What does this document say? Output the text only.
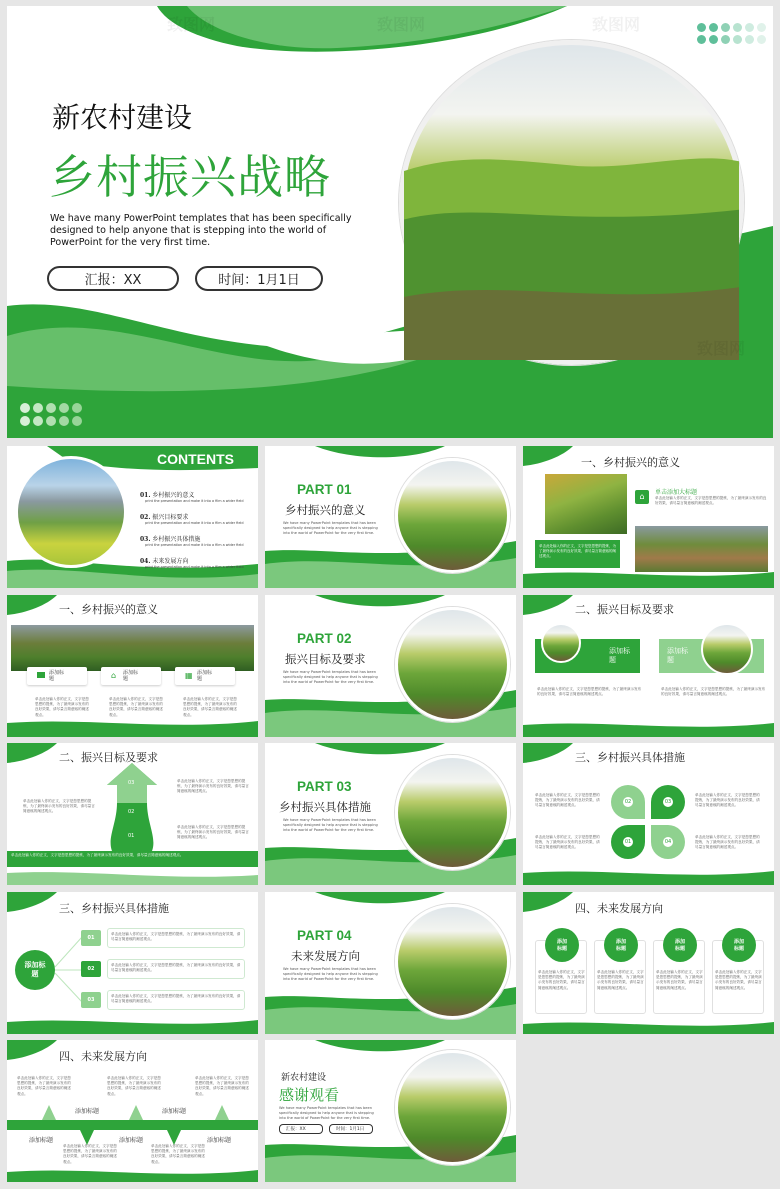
新农村建设
乡村振兴战略
We have many PowerPoint templates that has been specifically designed to help anyone that is stepping into the world of PowerPoint for the very first time.
汇报：XX	时间：1月1日
致图网
CONTENTS
01. 乡村振兴的意义
print the presentation and make it into a film a wider field
02. 振兴目标要求
print the presentation and make it into a film a wider field
03. 乡村振兴具体措施
print the presentation and make it into a film a wider field
04. 未来发展方向
print the presentation and make it into a film a wider field
PART 01
乡村振兴的意义
We have many PowerPoint templates that has been specifically designed to help anyone that is stepping into the world of PowerPoint for the very first time.
一、乡村振兴的意义
单击此处输入你的正文，文字是您思想的提炼，为了最终演示发布的良好效果，请尽量言简意赅的阐述观点。
⌂	单击添加大标题
单击此处输入你的正文，文字是您思想的提炼，为了最终演示发布的良好效果，请尽量言简意赅的阐述观点。
一、乡村振兴的意义
添加标题	⌂ 添加标题	▦ 添加标题
单击此处输入你的正文，文字是您思想的提炼，为了最终演示发布的良好效果，请尽量言简意赅的阐述观点。
单击此处输入你的正文，文字是您思想的提炼，为了最终演示发布的良好效果，请尽量言简意赅的阐述观点。
单击此处输入你的正文，文字是您思想的提炼，为了最终演示发布的良好效果，请尽量言简意赅的阐述观点。
PART 02
振兴目标及要求
We have many PowerPoint templates that has been specifically designed to help anyone that is stepping into the world of PowerPoint for the very first time.
二、振兴目标及要求
添加标题
添加标题
单击此处输入你的正文，文字是您思想的提炼，为了最终演示发布的良好效果，请尽量言简意赅的阐述观点。
单击此处输入你的正文，文字是您思想的提炼，为了最终演示发布的良好效果，请尽量言简意赅的阐述观点。
二、振兴目标及要求
03
02
01
单击此处输入你的正文，文字是您思想的提炼，为了最终演示发布的良好效果，请尽量言简意赅的阐述观点。
单击此处输入你的正文，文字是您思想的提炼，为了最终演示发布的良好效果，请尽量言简意赅的阐述观点。
单击此处输入你的正文，文字是您思想的提炼，为了最终演示发布的良好效果，请尽量言简意赅的阐述观点。
单击此处输入你的正文，文字是您思想的提炼，为了最终演示发布的良好效果，请尽量言简意赅的阐述观点。
PART 03
乡村振兴具体措施
We have many PowerPoint templates that has been specifically designed to help anyone that is stepping into the world of PowerPoint for the very first time.
三、乡村振兴具体措施
02	03
01	04
单击此处输入你的正文，文字是您思想的提炼，为了最终演示发布的良好效果，请尽量言简意赅的阐述观点。
单击此处输入你的正文，文字是您思想的提炼，为了最终演示发布的良好效果，请尽量言简意赅的阐述观点。
单击此处输入你的正文，文字是您思想的提炼，为了最终演示发布的良好效果，请尽量言简意赅的阐述观点。
单击此处输入你的正文，文字是您思想的提炼，为了最终演示发布的良好效果，请尽量言简意赅的阐述观点。
三、乡村振兴具体措施
添加标题
01
02
03
单击此处输入你的正文，文字是您思想的提炼，为了最终演示发布的良好效果，请尽量言简意赅的阐述观点。
单击此处输入你的正文，文字是您思想的提炼，为了最终演示发布的良好效果，请尽量言简意赅的阐述观点。
单击此处输入你的正文，文字是您思想的提炼，为了最终演示发布的良好效果，请尽量言简意赅的阐述观点。
PART 04
未来发展方向
We have many PowerPoint templates that has been specifically designed to help anyone that is stepping into the world of PowerPoint for the very first time.
四、未来发展方向
添加标题
添加标题
添加标题
添加标题
01	02	03	04
单击此处输入你的正文，文字是您思想的提炼，为了最终演示发布的良好效果，请尽量言简意赅的阐述观点。
单击此处输入你的正文，文字是您思想的提炼，为了最终演示发布的良好效果，请尽量言简意赅的阐述观点。
单击此处输入你的正文，文字是您思想的提炼，为了最终演示发布的良好效果，请尽量言简意赅的阐述观点。
单击此处输入你的正文，文字是您思想的提炼，为了最终演示发布的良好效果，请尽量言简意赅的阐述观点。
四、未来发展方向
单击此处输入你的正文，文字是您思想的提炼，为了最终演示发布的良好效果，请尽量言简意赅的阐述观点。
单击此处输入你的正文，文字是您思想的提炼，为了最终演示发布的良好效果，请尽量言简意赅的阐述观点。
单击此处输入你的正文，文字是您思想的提炼，为了最终演示发布的良好效果，请尽量言简意赅的阐述观点。
添加标题	添加标题
添加标题	添加标题	添加标题
单击此处输入你的正文，文字是您思想的提炼，为了最终演示发布的良好效果，请尽量言简意赅的阐述观点。
单击此处输入你的正文，文字是您思想的提炼，为了最终演示发布的良好效果，请尽量言简意赅的阐述观点。
新农村建设
感谢观看
We have many PowerPoint templates that has been specifically designed to help anyone that is stepping into the world of PowerPoint for the very first time.
汇报：XX	时间：1月1日
